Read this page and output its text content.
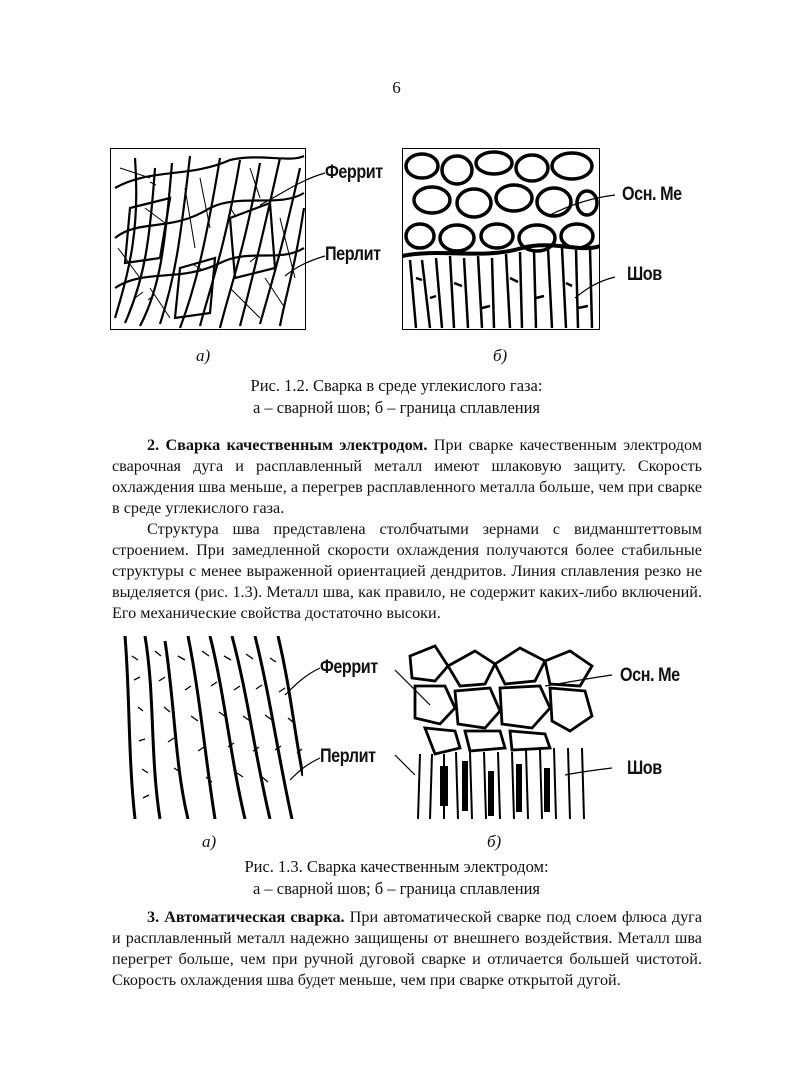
6
Феррит
Перлит
Осн. Ме
Шов
а)	б)
Рис. 1.2. Сварка в среде углекислого газа:
а – сварной шов; б – граница сплавления

2. Сварка качественным электродом. При сварке качественным электродом сварочная дуга и расплавленный металл имеют шлаковую защиту. Скорость охлаждения шва меньше, а перегрев расплавленного металла больше, чем при сварке в среде углекислого газа.

Структура шва представлена столбчатыми зернами с видманштеттовым строением. При замедленной скорости охлаждения получаются более стабильные структуры с менее выраженной ориентацией дендритов. Линия сплавления резко не выделяется (рис. 1.3). Металл шва, как правило, не содержит каких-либо включений. Его механические свойства достаточно высоки.

Феррит
Перлит
Осн. Ме
Шов
а)	б)
Рис. 1.3. Сварка качественным электродом:
а – сварной шов; б – граница сплавления

3. Автоматическая сварка. При автоматической сварке под слоем флюса дуга и расплавленный металл надежно защищены от внешнего воздействия. Металл шва перегрет больше, чем при ручной дуговой сварке и отличается большей чистотой. Скорость охлаждения шва будет меньше, чем при сварке открытой дугой.
